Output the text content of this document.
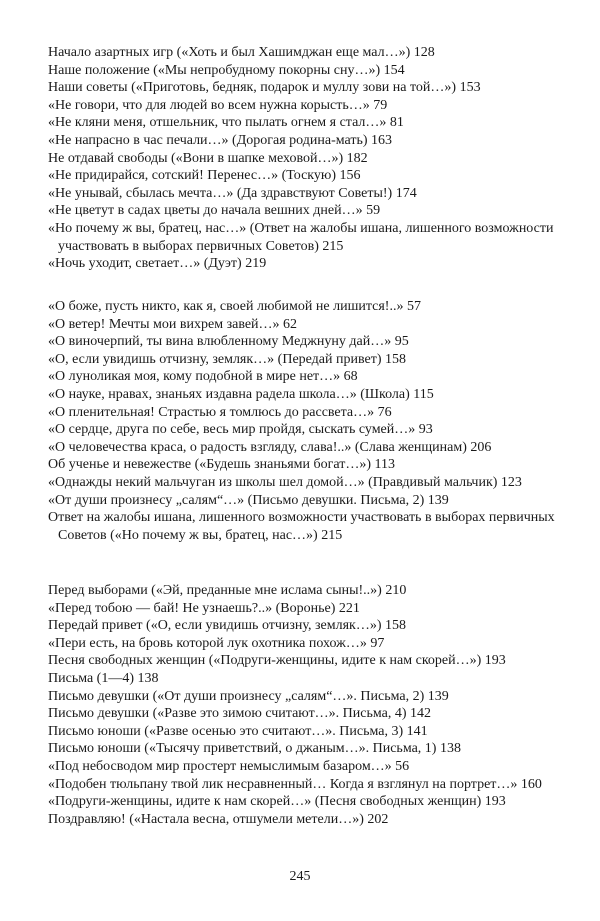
Начало азартных игр («Хоть и был Хашимджан еще мал…») 128

Наше положение («Мы непробудному покорны сну…») 154

Наши советы («Приготовь, бедняк, подарок и муллу зови на той…») 153

«Не говори, что для людей во всем нужна корысть…» 79

«Не кляни меня, отшельник, что пылать огнем я стал…» 81

«Не напрасно в час печали…» (Дорогая родина-мать) 163

Не отдавай свободы («Вони в шапке меховой…») 182

«Не придирайся, сотский! Перенес…» (Тоскую) 156

«Не унывай, сбылась мечта…» (Да здравствуют Советы!) 174

«Не цветут в садах цветы до начала вешних дней…» 59

«Но почему ж вы, братец, нас…» (Ответ на жалобы ишана, лишенного возможности участвовать в выборах первичных Советов) 215

«Ночь уходит, светает…» (Дуэт) 219

«О боже, пусть никто, как я, своей любимой не лишится!..» 57

«О ветер! Мечты мои вихрем завей…» 62

«О виночерпий, ты вина влюбленному Меджнуну дай…» 95

«О, если увидишь отчизну, земляк…» (Передай привет) 158

«О луноликая моя, кому подобной в мире нет…» 68

«О науке, нравах, знаньях издавна радела школа…» (Школа) 115

«О пленительная! Страстью я томлюсь до рассвета…» 76

«О сердце, друга по себе, весь мир пройдя, сыскать сумей…» 93

«О человечества краса, о радость взгляду, слава!..» (Слава женщинам) 206

Об ученье и невежестве («Будешь знаньями богат…») 113

«Однажды некий мальчуган из школы шел домой…» (Правдивый мальчик) 123

«От души произнесу „салям“…» (Письмо девушки. Письма, 2) 139

Ответ на жалобы ишана, лишенного возможности участвовать в выборах первичных Советов («Но почему ж вы, братец, нас…») 215

Перед выборами («Эй, преданные мне ислама сыны!..») 210

«Перед тобою — бай! Не узнаешь?..» (Воронье) 221

Передай привет («О, если увидишь отчизну, земляк…») 158

«Пери есть, на бровь которой лук охотника похож…» 97

Песня свободных женщин («Подруги-женщины, идите к нам скорей…») 193

Письма (1—4) 138

Письмо девушки («От души произнесу „салям“…». Письма, 2) 139

Письмо девушки («Разве это зимою считают…». Письма, 4) 142

Письмо юноши («Разве осенью это считают…». Письма, 3) 141

Письмо юноши («Тысячу приветствий, о джаным…». Письма, 1) 138

«Под небосводом мир простерт немыслимым базаром…» 56

«Подобен тюльпану твой лик несравненный… Когда я взглянул на портрет…» 160

«Подруги-женщины, идите к нам скорей…» (Песня свободных женщин) 193

Поздравляю! («Настала весна, отшумели метели…») 202

245
